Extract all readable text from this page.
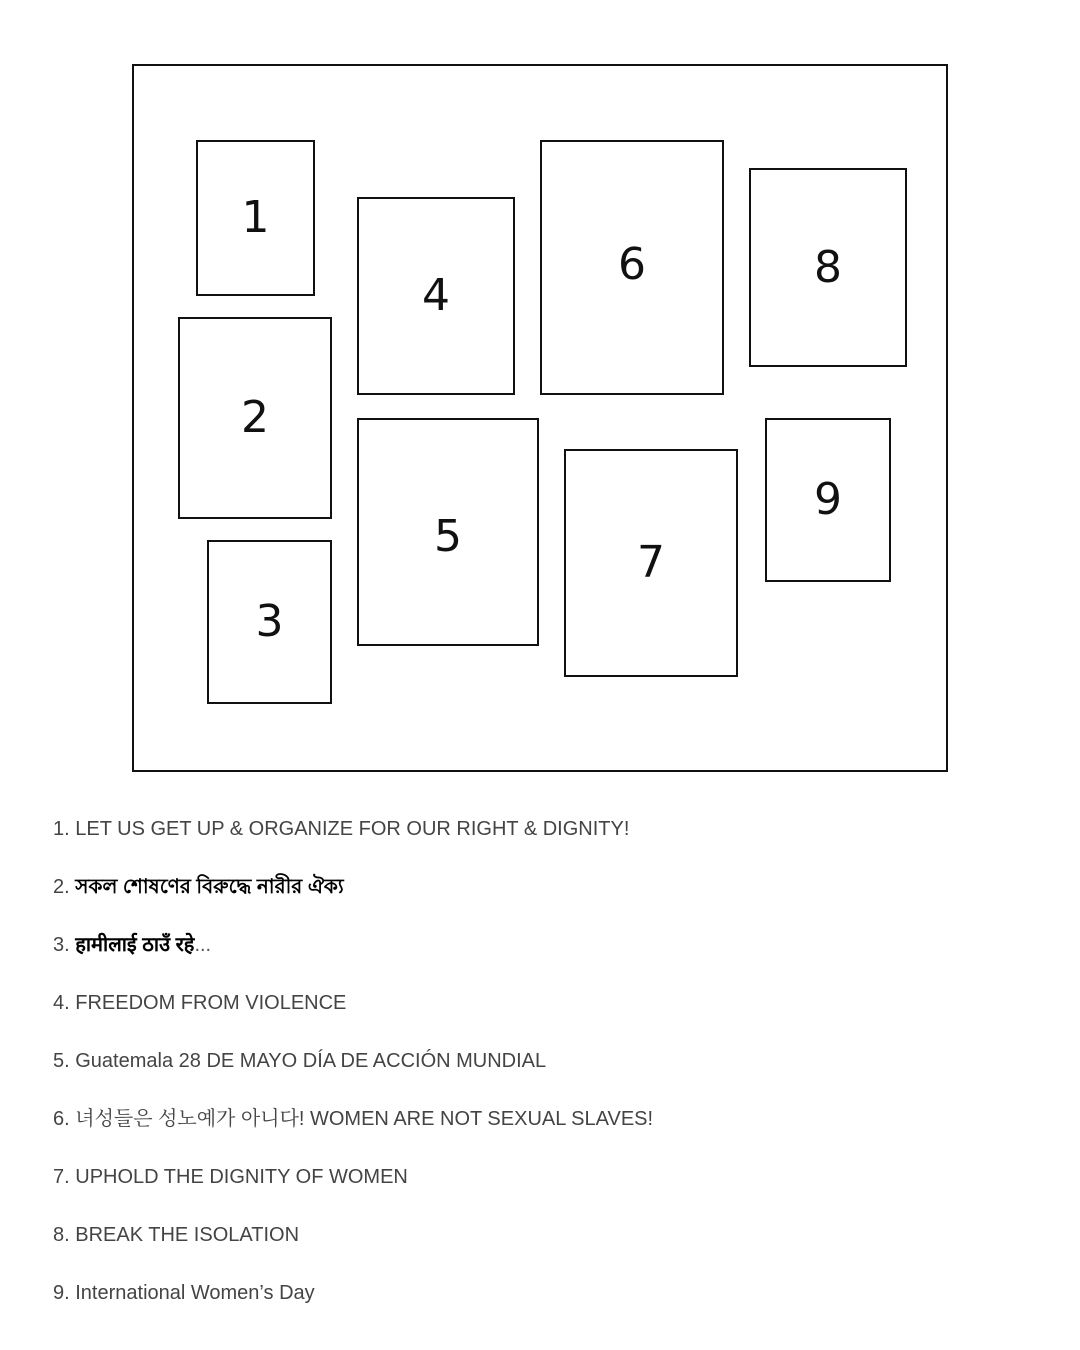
1
2
3
4
5
6
7
8
9
1. LET US GET UP & ORGANIZE FOR OUR RIGHT & DIGNITY!
2. সকল শোষণের বিরুদ্ধে নারীর ঐক্য
3. हामीलाई ठाउँ रहे...
4. FREEDOM FROM VIOLENCE
5. Guatemala 28 DE MAYO DÍA DE ACCIÓN MUNDIAL
6. 녀성들은 성노예가 아니다! WOMEN ARE NOT SEXUAL SLAVES!
7. UPHOLD THE DIGNITY OF WOMEN
8. BREAK THE ISOLATION
9. International Women’s Day
